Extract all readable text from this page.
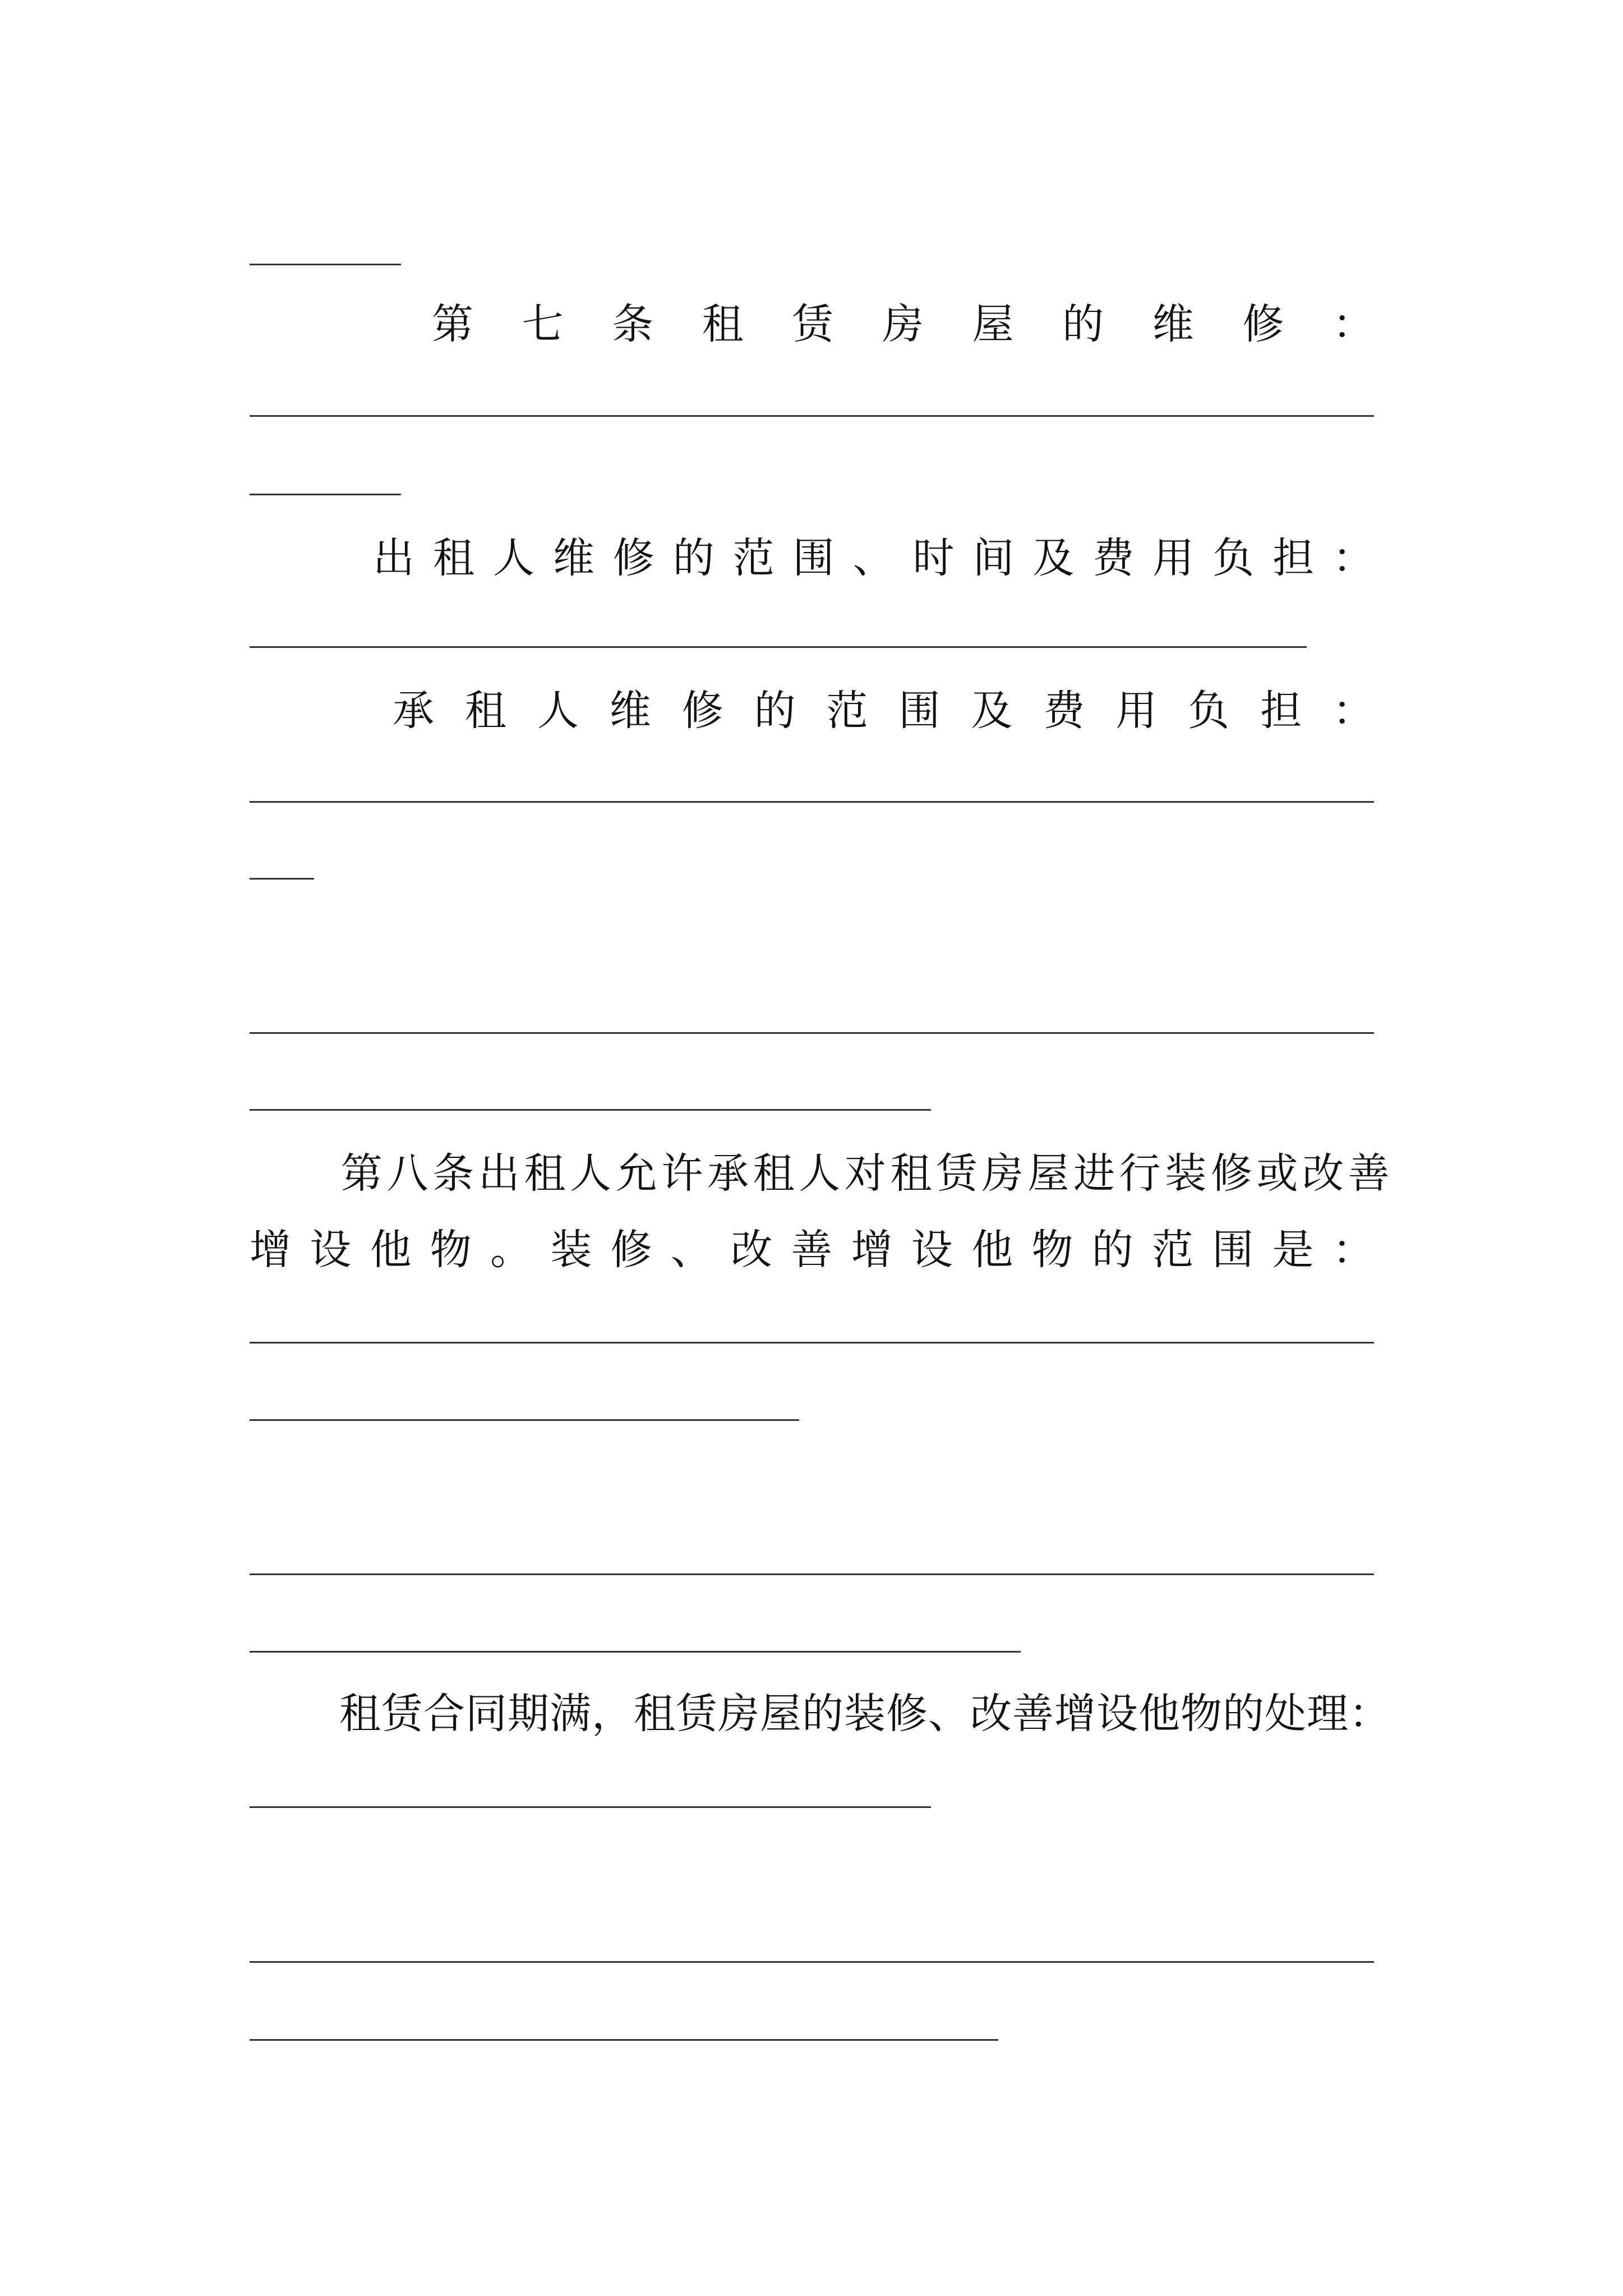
第 七 条 租 赁 房 屋 的 维 修 ：
出 租 人 维 修 的 范 围 、 时 间 及 费 用 负 担 ：
承 租 人 维 修 的 范 围 及 费 用 负 担 ：
第 八 条 出 租 人 允 许 承 租 人 对 租 赁 房 屋 进 行 装 修 或 改 善
增 设 他 物 。 装 修 、 改 善 增 设 他 物 的 范 围 是 ：
租赁合同期满，租赁房屋的装修、改善增设他物的处理：
